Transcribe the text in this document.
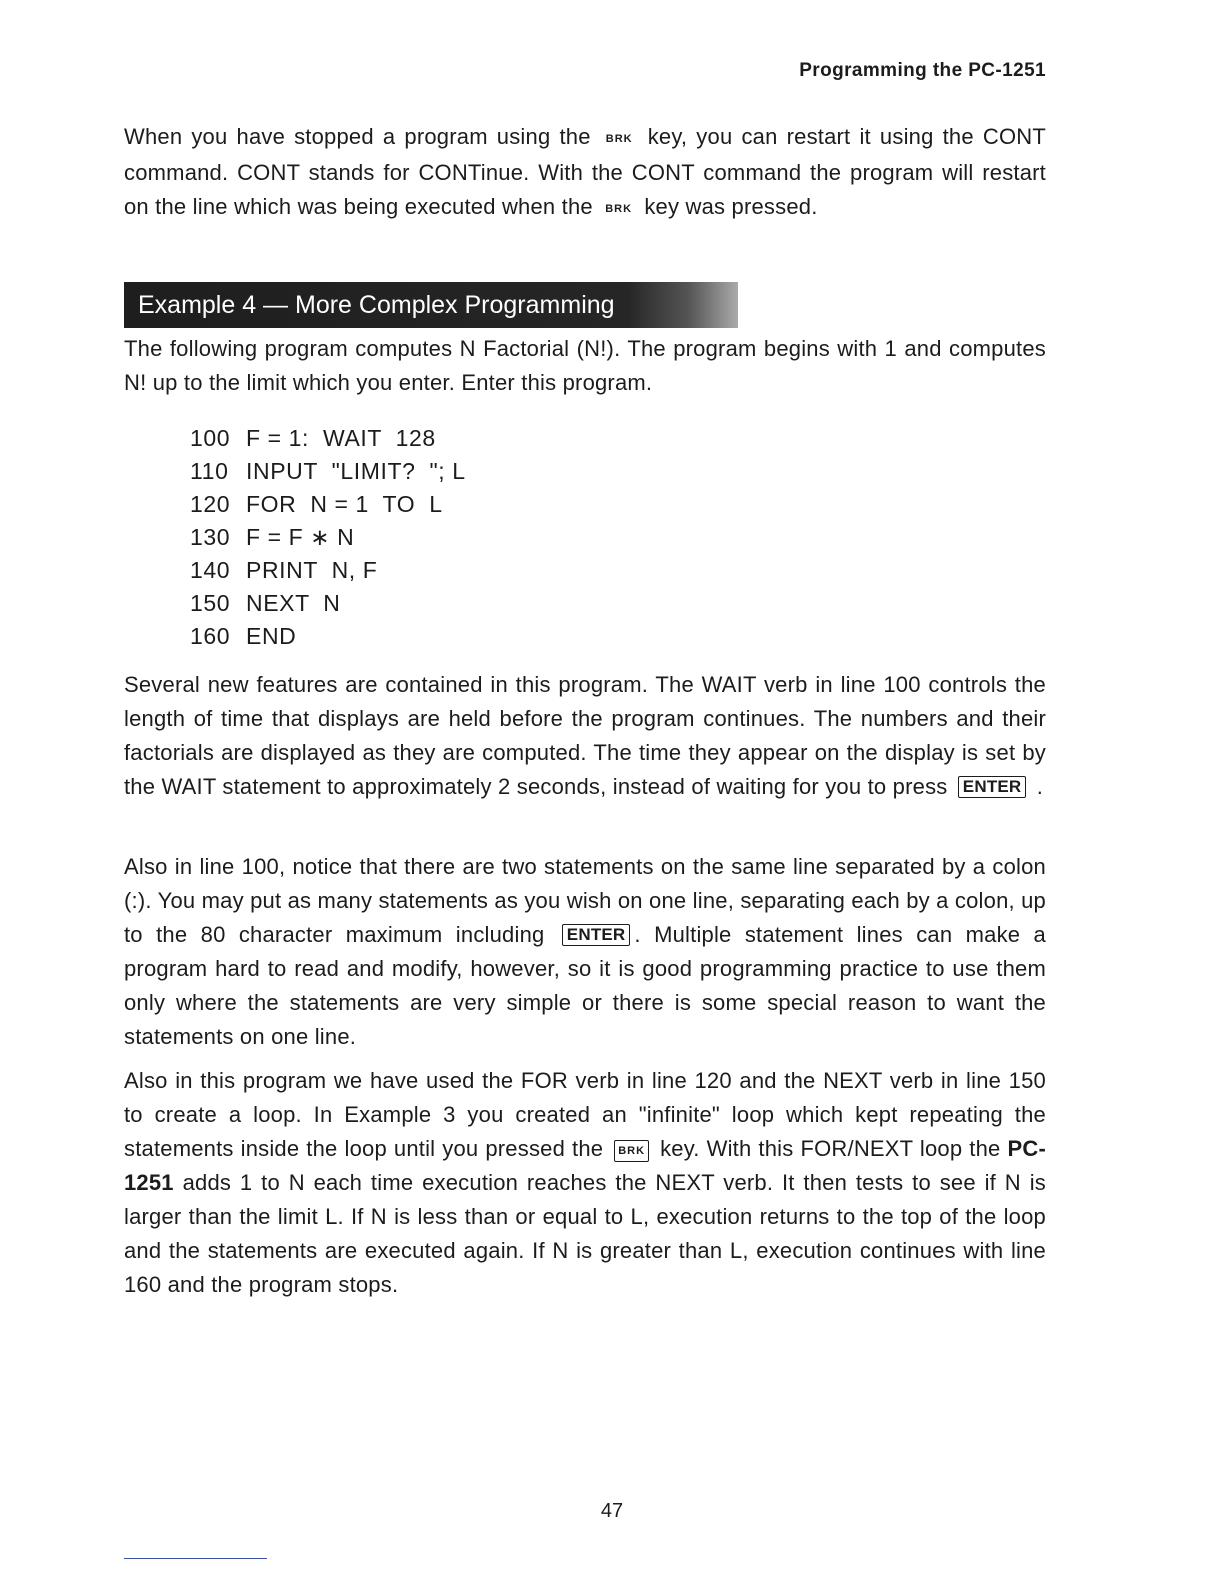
Programming the PC-1251

When you have stopped a program using the BRK key, you can restart it using the CONT command. CONT stands for CONTinue. With the CONT command the program will restart on the line which was being executed when the BRK key was pressed.

Example 4 — More Complex Programming

The following program computes N Factorial (N!). The program begins with 1 and computes N! up to the limit which you enter. Enter this program.

100 F = 1:  WAIT  128
110 INPUT  "LIMIT?  "; L
120 FOR  N = 1  TO  L
130 F = F ∗ N
140 PRINT  N, F
150 NEXT  N
160 END

Several new features are contained in this program. The WAIT verb in line 100 controls the length of time that displays are held before the program continues. The numbers and their factorials are displayed as they are computed. The time they appear on the display is set by the WAIT statement to approximately 2 seconds, instead of waiting for you to press ENTER .

Also in line 100, notice that there are two statements on the same line separated by a colon (:). You may put as many statements as you wish on one line, separating each by a colon, up to the 80 character maximum including ENTER . Multiple statement lines can make a program hard to read and modify, however, so it is good programming practice to use them only where the statements are very simple or there is some special reason to want the statements on one line.

Also in this program we have used the FOR verb in line 120 and the NEXT verb in line 150 to create a loop. In Example 3 you created an "infinite" loop which kept repeating the statements inside the loop until you pressed the BRK key. With this FOR/NEXT loop the PC-1251 adds 1 to N each time execution reaches the NEXT verb. It then tests to see if N is larger than the limit L. If N is less than or equal to L, execution returns to the top of the loop and the statements are executed again. If N is greater than L, execution continues with line 160 and the program stops.

47
